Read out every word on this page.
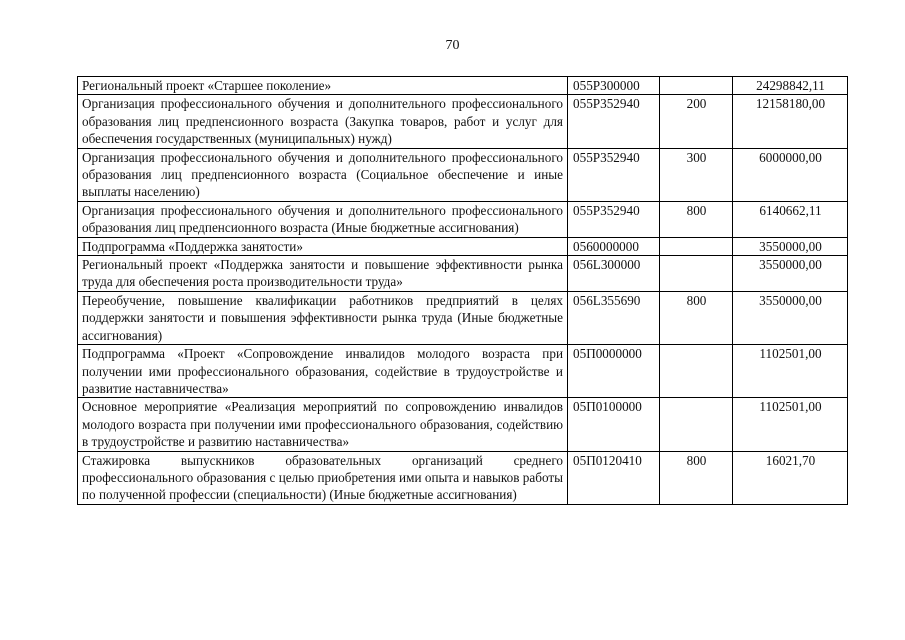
70
Региональный проект «Старшее поколение»	055P300000		24298842,11
Организация профессионального обучения и дополнительного профессионального образования лиц предпенсионного возраста (Закупка товаров, работ и услуг для обеспечения государственных (муниципальных) нужд)	055P352940	200	12158180,00
Организация профессионального обучения и дополнительного профессионального образования лиц предпенсионного возраста (Социальное обеспечение и иные выплаты населению)	055P352940	300	6000000,00
Организация профессионального обучения и дополнительного профессионального образования лиц предпенсионного возраста (Иные бюджетные ассигнования)	055P352940	800	6140662,11
Подпрограмма «Поддержка занятости»	0560000000		3550000,00
Региональный проект «Поддержка занятости и повышение эффективности рынка труда для обеспечения роста производительности труда»	056L300000		3550000,00
Переобучение, повышение квалификации работников предприятий в целях поддержки занятости и повышения эффективности рынка труда (Иные бюджетные ассигнования)	056L355690	800	3550000,00
Подпрограмма «Проект «Сопровождение инвалидов молодого возраста при получении ими профессионального образования, содействие в трудоустройстве и развитие наставничества»	05П0000000		1102501,00
Основное мероприятие «Реализация мероприятий по сопровождению инвалидов молодого возраста при получении ими профессионального образования, содействию в трудоустройстве и развитию наставничества»	05П0100000		1102501,00
Стажировка выпускников образовательных организаций среднего профессионального образования с целью приобретения ими опыта и навыков работы по полученной профессии (специальности) (Иные бюджетные ассигнования)	05П0120410	800	16021,70
